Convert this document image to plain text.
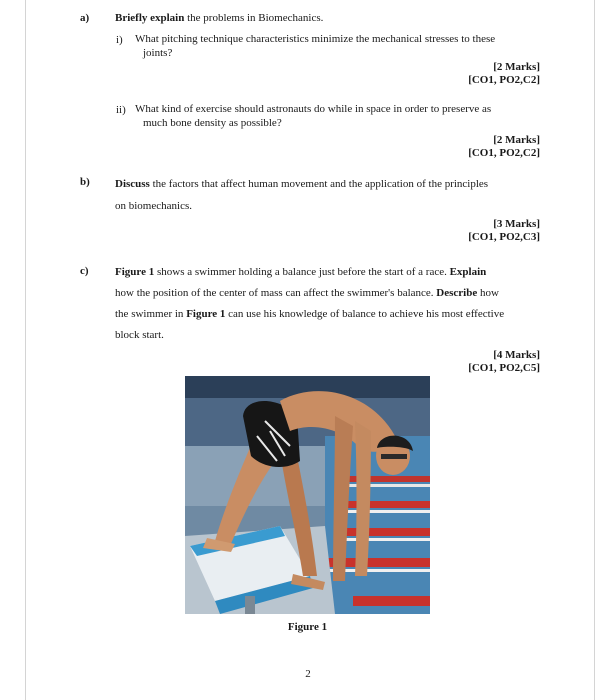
a) Briefly explain the problems in Biomechanics.
i) What pitching technique characteristics minimize the mechanical stresses to these
joints?
[2 Marks]
[CO1, PO2,C2]
ii) What kind of exercise should astronauts do while in space in order to preserve as
much bone density as possible?
[2 Marks]
[CO1, PO2,C2]
b) Discuss the factors that affect human movement and the application of the principles
on biomechanics.
[3 Marks]
[CO1, PO2,C3]
c) Figure 1 shows a swimmer holding a balance just before the start of a race. Explain
how the position of the center of mass can affect the swimmer's balance. Describe how
the swimmer in Figure 1 can use his knowledge of balance to achieve his most effective
block start.
[4 Marks]
[CO1, PO2,C5]
Figure 1
2
